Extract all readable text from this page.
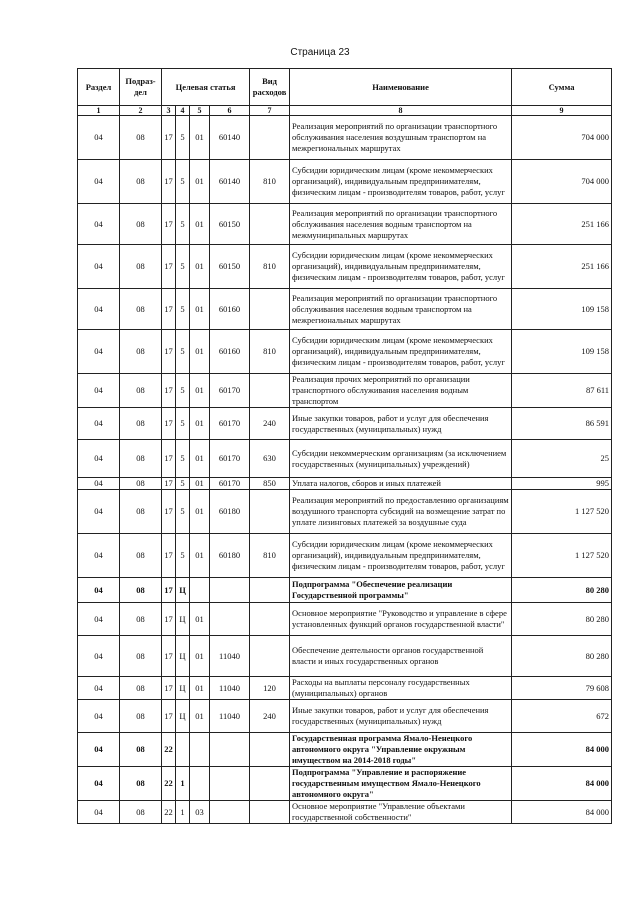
Страница 23
Раздел	Подраз-дел	Целевая статья				Вид расходов	Наименование	Сумма
1	2	3	4	5	6	7	8	9
04	08	17	5	01	60140		Реализация мероприятий по организации транспортного обслуживания населения воздушным транспортом на межрегиональных маршрутах	704 000
04	08	17	5	01	60140	810	Субсидии юридическим лицам (кроме некоммерческих организаций), индивидуальным предпринимателям, физическим лицам - производителям товаров, работ, услуг	704 000
04	08	17	5	01	60150		Реализация мероприятий по организации транспортного обслуживания населения водным транспортом на межмуниципальных маршрутах	251 166
04	08	17	5	01	60150	810	Субсидии юридическим лицам (кроме некоммерческих организаций), индивидуальным предпринимателям, физическим лицам - производителям товаров, работ, услуг	251 166
04	08	17	5	01	60160		Реализация мероприятий по организации транспортного обслуживания населения водным транспортом на межрегиональных маршрутах	109 158
04	08	17	5	01	60160	810	Субсидии юридическим лицам (кроме некоммерческих организаций), индивидуальным предпринимателям, физическим лицам - производителям товаров, работ, услуг	109 158
04	08	17	5	01	60170		Реализация прочих мероприятий по организации транспортного обслуживания населения водным транспортом	87 611
04	08	17	5	01	60170	240	Иные закупки товаров, работ и услуг для обеспечения государственных (муниципальных) нужд	86 591
04	08	17	5	01	60170	630	Субсидии некоммерческим организациям (за исключением государственных (муниципальных) учреждений)	25
04	08	17	5	01	60170	850	Уплата налогов, сборов и иных платежей	995
04	08	17	5	01	60180		Реализация мероприятий по предоставлению организациям воздушного транспорта субсидий на возмещение затрат по уплате лизинговых платежей за воздушные суда	1 127 520
04	08	17	5	01	60180	810	Субсидии юридическим лицам (кроме некоммерческих организаций), индивидуальным предпринимателям, физическим лицам - производителям товаров, работ, услуг	1 127 520
04	08	17	Ц				Подпрограмма "Обеспечение реализации Государственной программы"	80 280
04	08	17	Ц	01			Основное мероприятие "Руководство и управление в сфере установленных функций органов государственной власти"	80 280
04	08	17	Ц	01	11040		Обеспечение деятельности органов государственной власти и иных государственных органов	80 280
04	08	17	Ц	01	11040	120	Расходы на выплаты персоналу государственных (муниципальных) органов	79 608
04	08	17	Ц	01	11040	240	Иные закупки товаров, работ и услуг для обеспечения государственных (муниципальных) нужд	672
04	08	22					Государственная программа Ямало-Ненецкого автономного округа "Управление окружным имуществом на 2014-2018 годы"	84 000
04	08	22	1				Подпрограмма "Управление и распоряжение государственным имуществом Ямало-Ненецкого автономного округа"	84 000
04	08	22	1	03			Основное мероприятие "Управление объектами государственной собственности"	84 000
